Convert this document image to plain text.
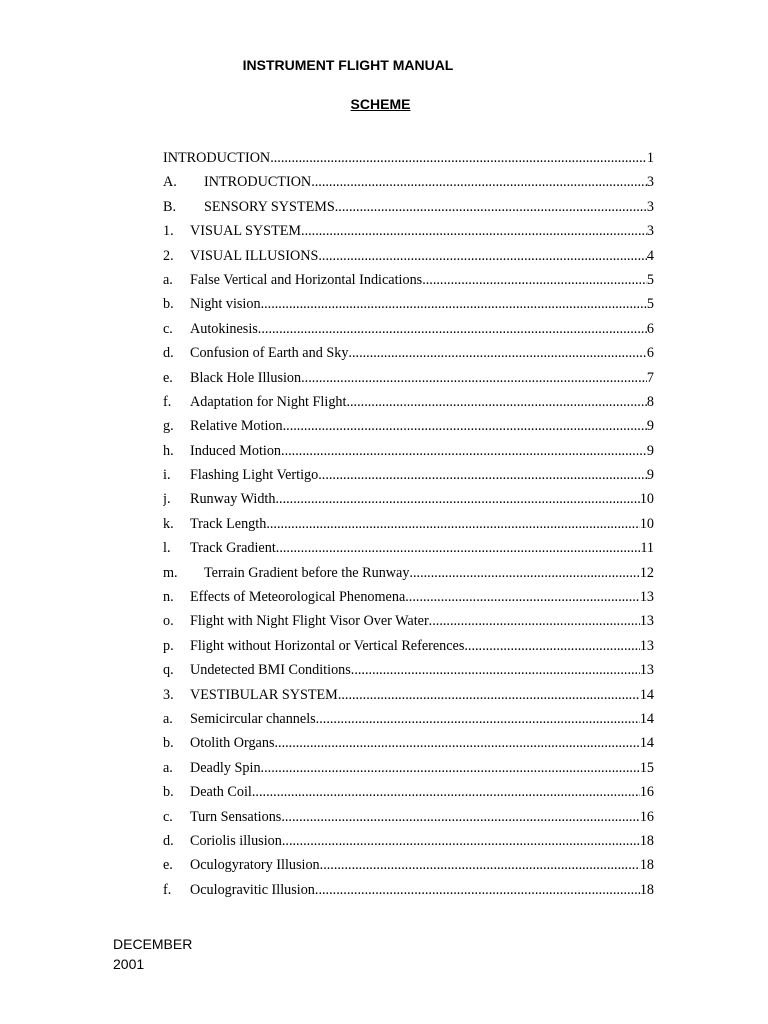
INSTRUMENT FLIGHT MANUAL
SCHEME
INTRODUCTION .....	1
A.	INTRODUCTION .....	3
B.	SENSORY SYSTEMS .....	3
1.	VISUAL SYSTEM .....	3
2.	VISUAL ILLUSIONS .....	4
a.	False Vertical and Horizontal Indications .....	5
b.	Night vision .....	5
c.	Autokinesis .....	6
d.	Confusion of Earth and Sky .....	6
e.	Black Hole Illusion .....	7
f.	Adaptation for Night Flight .....	8
g.	Relative Motion .....	9
h.	Induced Motion .....	9
i.	Flashing Light Vertigo .....	9
j.	Runway Width .....	10
k.	Track Length .....	10
l.	Track Gradient .....	11
m.	Terrain Gradient before the Runway .....	12
n.	Effects of Meteorological Phenomena .....	13
o.	Flight with Night Flight Visor Over Water .....	13
p.	Flight without Horizontal or Vertical References .....	13
q.	Undetected BMI Conditions .....	13
3.	VESTIBULAR SYSTEM .....	14
a.	Semicircular channels .....	14
b.	Otolith Organs .....	14
a.	Deadly Spin .....	15
b.	Death Coil .....	16
c.	Turn Sensations .....	16
d.	Coriolis illusion .....	18
e.	Oculogyratory Illusion .....	18
f.	Oculogravitic Illusion .....	18
DECEMBER
2001
